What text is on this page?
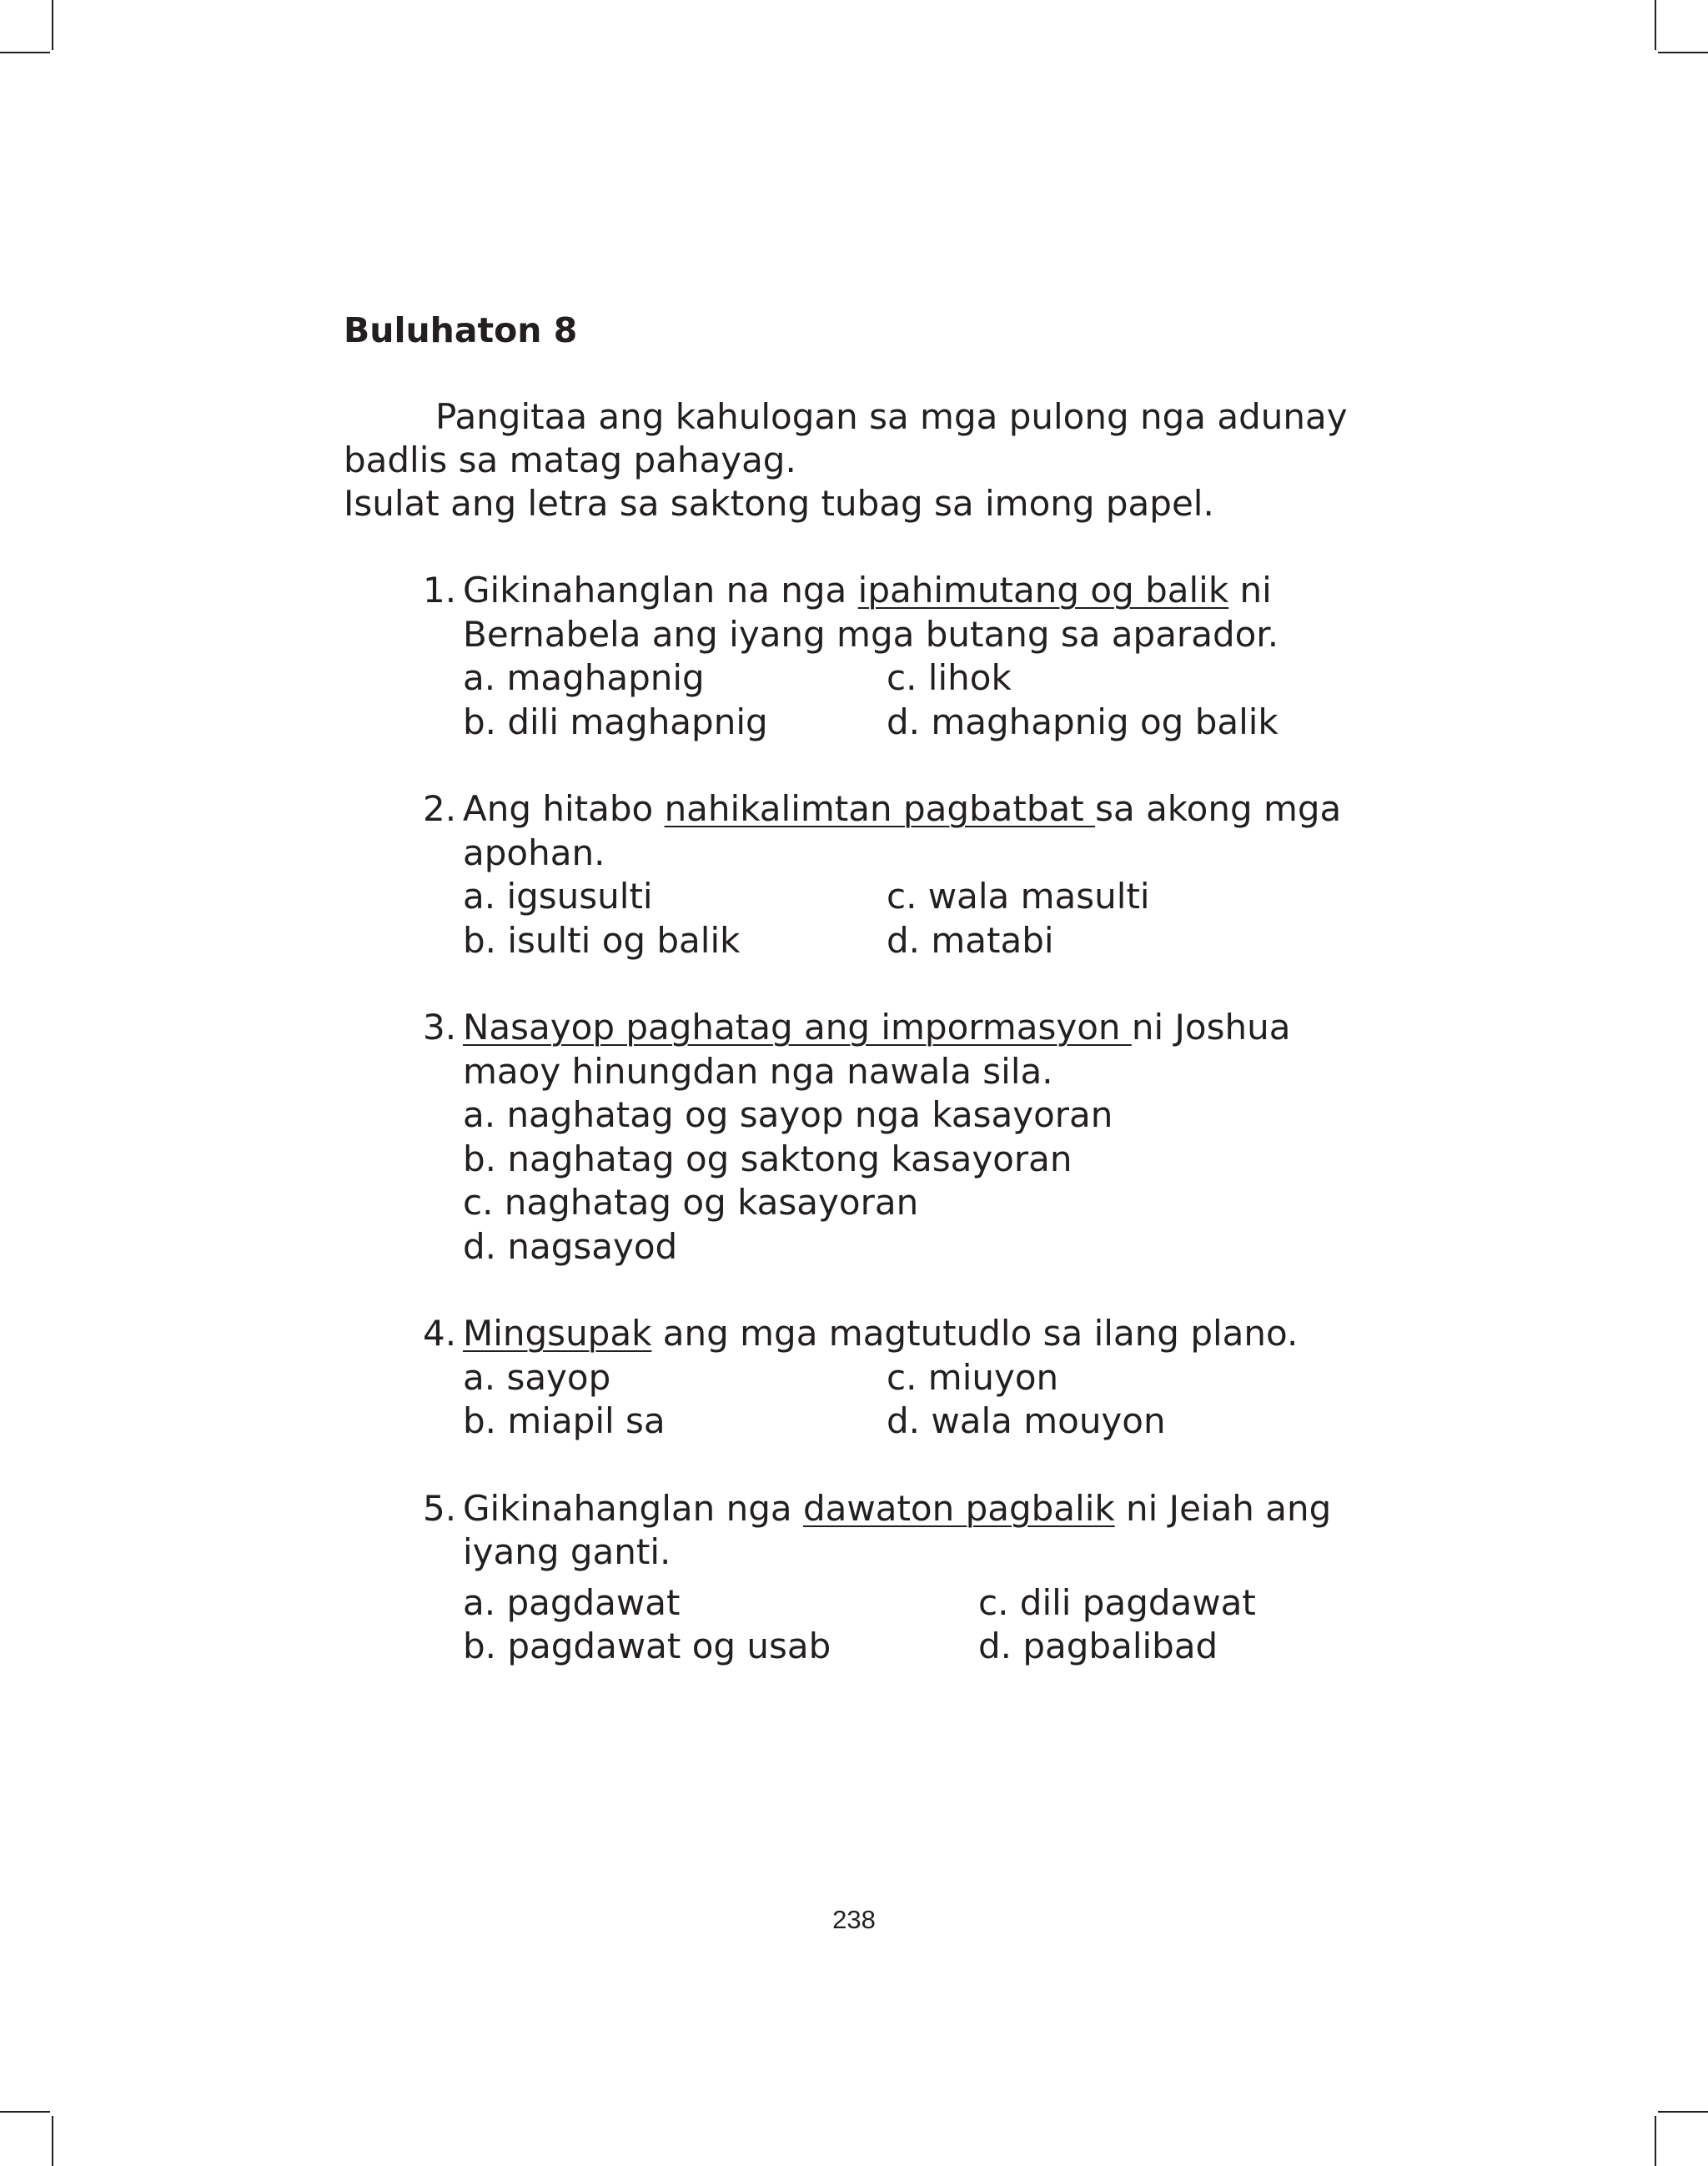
Buluhaton 8
Pangitaa ang kahulogan sa mga pulong nga adunay
badlis sa matag pahayag.
Isulat ang letra sa saktong tubag sa imong papel.
1. Gikinahanglan na nga ipahimutang og balik ni
Bernabela ang iyang mga butang sa aparador.
a. maghapnig	c. lihok
b. dili maghapnig	d. maghapnig og balik
2. Ang hitabo nahikalimtan pagbatbat sa akong mga
apohan.
a. igsusulti	c. wala masulti
b. isulti og balik	d. matabi
3. Nasayop paghatag ang impormasyon ni Joshua
maoy hinungdan nga nawala sila.
a. naghatag og sayop nga kasayoran
b. naghatag og saktong kasayoran
c. naghatag og kasayoran
d. nagsayod
4. Mingsupak ang mga magtutudlo sa ilang plano.
a. sayop	c. miuyon
b. miapil sa	d. wala mouyon
5. Gikinahanglan nga dawaton pagbalik ni Jeiah ang
iyang ganti.
a. pagdawat	c. dili pagdawat
b. pagdawat og usab	d. pagbalibad
238
